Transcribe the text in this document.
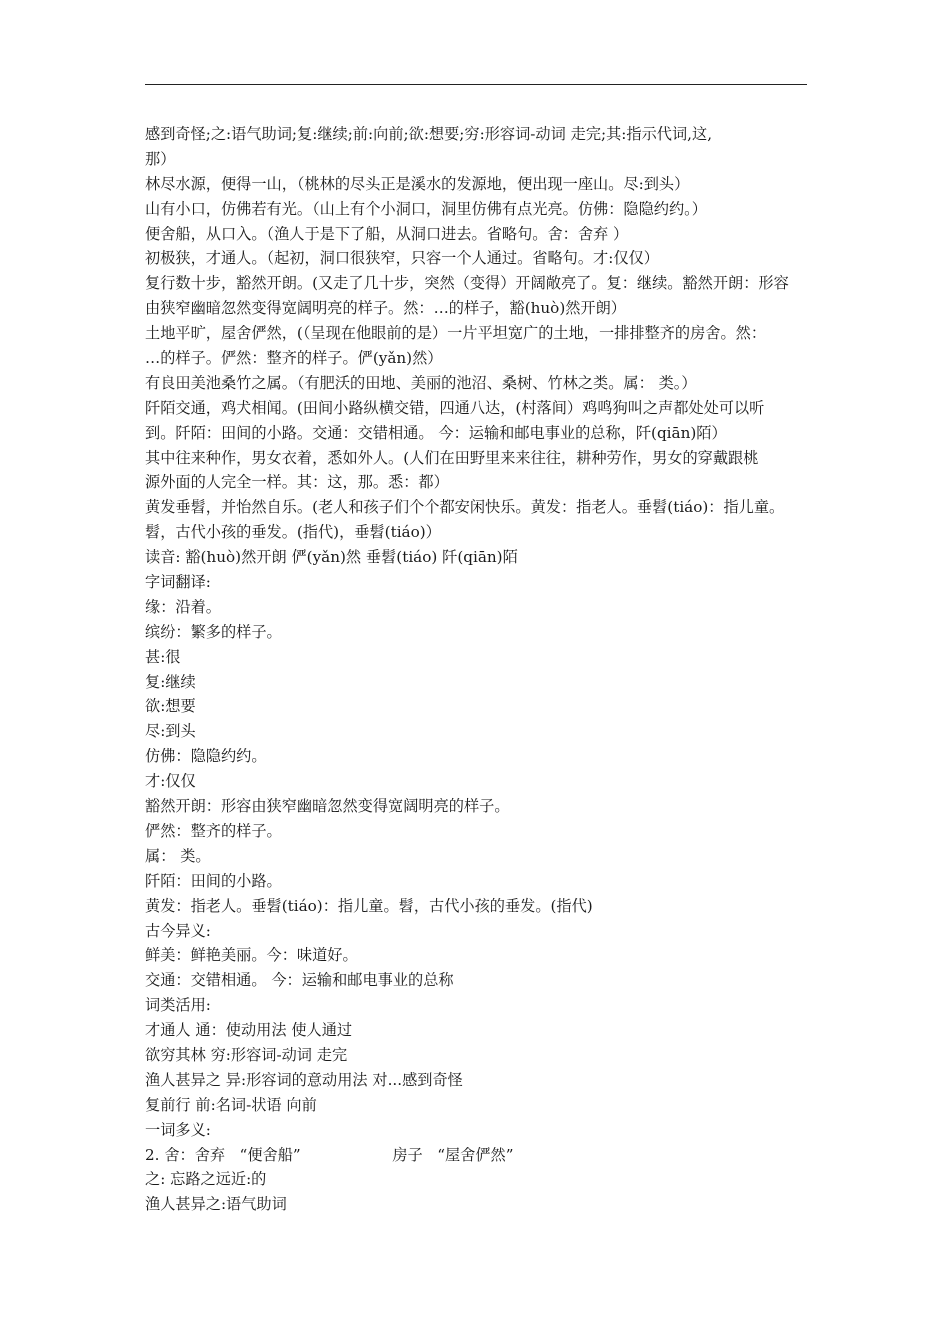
感到奇怪;之:语气助词;复:继续;前:向前;欲:想要;穷:形容词-动词 走完;其:指示代词,这,
那）
林尽水源，便得一山，（桃林的尽头正是溪水的发源地，便出现一座山。尽:到头）
山有小口，仿佛若有光。（山上有个小洞口，洞里仿佛有点光亮。仿佛：隐隐约约。）
便舍船，从口入。（渔人于是下了船，从洞口进去。省略句。舍：舍弃 ）
初极狭，才通人。（起初，洞口很狭窄，只容一个人通过。省略句。才:仅仅）
复行数十步，豁然开朗。(又走了几十步，突然（变得）开阔敞亮了。复：继续。豁然开朗：形容
由狭窄幽暗忽然变得宽阔明亮的样子。然：…的样子，豁(huò)然开朗）
土地平旷，屋舍俨然，(（呈现在他眼前的是）一片平坦宽广的土地，一排排整齐的房舍。然：
…的样子。俨然：整齐的样子。俨(yǎn)然）
有良田美池桑竹之属。（有肥沃的田地、美丽的池沼、桑树、竹林之类。属： 类。）
阡陌交通，鸡犬相闻。(田间小路纵横交错，四通八达，(村落间）鸡鸣狗叫之声都处处可以听
到。阡陌：田间的小路。交通：交错相通。 今：运输和邮电事业的总称，阡(qiān)陌）
其中往来种作，男女衣着，悉如外人。(人们在田野里来来往往，耕种劳作，男女的穿戴跟桃
源外面的人完全一样。其：这，那。悉：都）
黄发垂髫，并怡然自乐。(老人和孩子们个个都安闲快乐。黄发：指老人。垂髫(tiáo)：指儿童。
髫，古代小孩的垂发。(指代)，垂髫(tiáo)）
读音: 豁(huò)然开朗 俨(yǎn)然 垂髫(tiáo) 阡(qiān)陌
字词翻译:
缘：沿着。
缤纷：繁多的样子。
甚:很
复:继续
欲:想要
尽:到头
仿佛：隐隐约约。
才:仅仅
豁然开朗：形容由狭窄幽暗忽然变得宽阔明亮的样子。
俨然：整齐的样子。
属： 类。
阡陌：田间的小路。
黄发：指老人。垂髫(tiáo)：指儿童。髫，古代小孩的垂发。(指代)
古今异义:
鲜美：鲜艳美丽。今：味道好。
交通：交错相通。 今：运输和邮电事业的总称
词类活用:
才通人 通：使动用法 使人通过
欲穷其林 穷:形容词-动词 走完
渔人甚异之 异:形容词的意动用法 对...感到奇怪
复前行 前:名词-状语 向前
一词多义:
2. 舍：舍弃   “便舍船”                   房子   “屋舍俨然”
之: 忘路之远近:的
渔人甚异之:语气助词
